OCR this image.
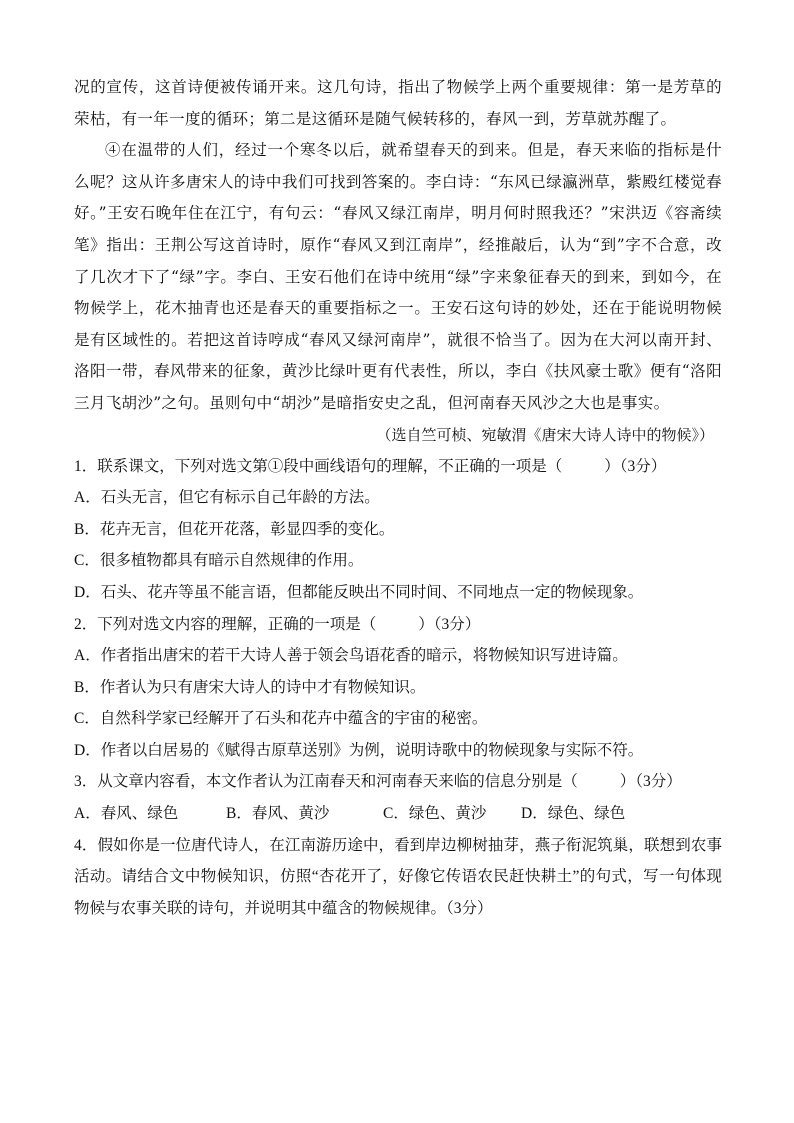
况的宣传，这首诗便被传诵开来。这几句诗，指出了物候学上两个重要规律：第一是芳草的荣枯，有一年一度的循环；第二是这循环是随气候转移的，春风一到，芳草就苏醒了。

④在温带的人们，经过一个寒冬以后，就希望春天的到来。但是，春天来临的指标是什么呢？这从许多唐宋人的诗中我们可找到答案的。李白诗：“东风已绿瀛洲草，紫殿红楼觉春好。”王安石晚年住在江宁，有句云：“春风又绿江南岸，明月何时照我还？”宋洪迈《容斋续笔》指出：王荆公写这首诗时，原作“春风又到江南岸”，经推敲后，认为“到”字不合意，改了几次才下了“绿”字。李白、王安石他们在诗中统用“绿”字来象征春天的到来，到如今，在物候学上，花木抽青也还是春天的重要指标之一。王安石这句诗的妙处，还在于能说明物候是有区域性的。若把这首诗哼成“春风又绿河南岸”，就很不恰当了。因为在大河以南开封、洛阳一带，春风带来的征象，黄沙比绿叶更有代表性，所以，李白《扶风豪士歌》便有“洛阳三月飞胡沙”之句。虽则句中“胡沙”是暗指安史之乱，但河南春天风沙之大也是事实。

（选自竺可桢、宛敏渭《唐宋大诗人诗中的物候》）

1．联系课文，下列对选文第①段中画线语句的理解，不正确的一项是（	）（3分）

A．石头无言，但它有标示自己年龄的方法。

B．花卉无言，但花开花落，彰显四季的变化。

C．很多植物都具有暗示自然规律的作用。

D．石头、花卉等虽不能言语，但都能反映出不同时间、不同地点一定的物候现象。

2．下列对选文内容的理解，正确的一项是（	）（3分）

A．作者指出唐宋的若干大诗人善于领会鸟语花香的暗示，将物候知识写进诗篇。

B．作者认为只有唐宋大诗人的诗中才有物候知识。

C．自然科学家已经解开了石头和花卉中蕴含的宇宙的秘密。

D．作者以白居易的《赋得古原草送别》为例，说明诗歌中的物候现象与实际不符。

3．从文章内容看，本文作者认为江南春天和河南春天来临的信息分别是（	）（3分）

A．春风、绿色	B．春风、黄沙	C．绿色、黄沙	D．绿色、绿色

4．假如你是一位唐代诗人，在江南游历途中，看到岸边柳树抽芽，燕子衔泥筑巢，联想到农事活动。请结合文中物候知识，仿照“杏花开了，好像它传语农民赶快耕土”的句式，写一句体现物候与农事关联的诗句，并说明其中蕴含的物候规律。（3分）
